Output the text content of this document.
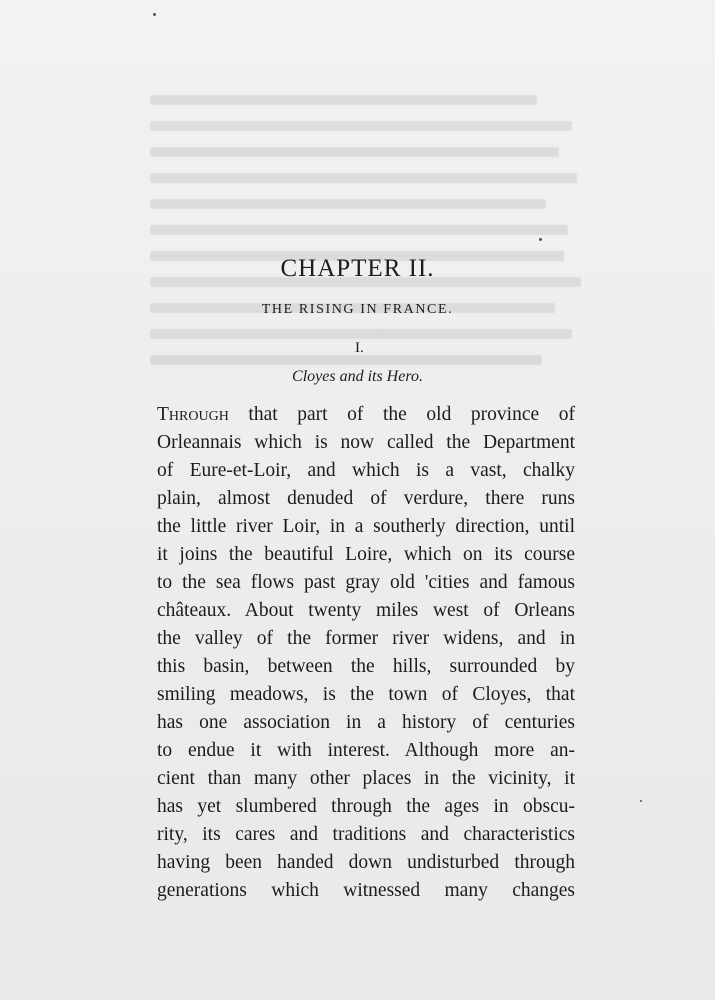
CHAPTER II.
THE RISING IN FRANCE.
I.
Cloyes and its Hero.
Through that part of the old province of
Orleannais which is now called the Department
of Eure-et-Loir, and which is a vast, chalky
plain, almost denuded of verdure, there runs
the little river Loir, in a southerly direction, until
it joins the beautiful Loire, which on its course
to the sea flows past gray old 'cities and famous
châteaux. About twenty miles west of Orleans
the valley of the former river widens, and in
this basin, between the hills, surrounded by
smiling meadows, is the town of Cloyes, that
has one association in a history of centuries
to endue it with interest. Although more an-
cient than many other places in the vicinity, it
has yet slumbered through the ages in obscu-
rity, its cares and traditions and characteristics
having been handed down undisturbed through
generations which witnessed many changes
